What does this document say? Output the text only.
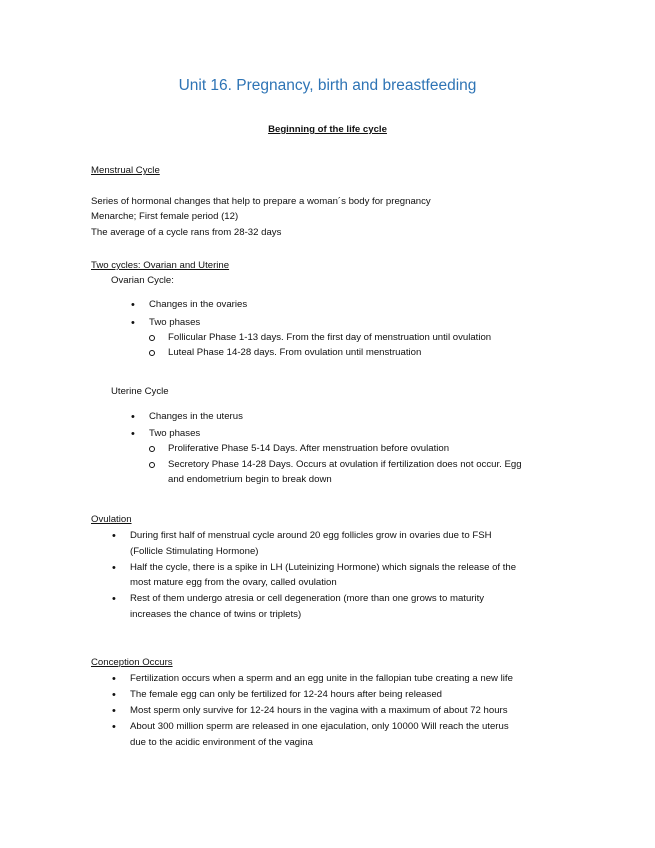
Unit 16. Pregnancy, birth and breastfeeding
Beginning of the life cycle
Menstrual Cycle
Series of hormonal changes that help to prepare a woman´s body for pregnancy
Menarche; First female period (12)
The average of a cycle rans from 28-32 days
Two cycles: Ovarian and Uterine
Ovarian Cycle:
• Changes in the ovaries
• Two phases
Follicular Phase 1-13 days. From the first day of menstruation until ovulation
Luteal Phase 14-28 days. From ovulation until menstruation
Uterine Cycle
• Changes in the uterus
• Two phases
Proliferative Phase 5-14 Days. After menstruation before ovulation
Secretory Phase 14-28 Days. Occurs at ovulation if fertilization does not occur. Egg
and endometrium begin to break down
Ovulation
• During first half of menstrual cycle around 20 egg follicles grow in ovaries due to FSH
(Follicle Stimulating Hormone)
• Half the cycle, there is a spike in LH (Luteinizing Hormone) which signals the release of the
most mature egg from the ovary, called ovulation
• Rest of them undergo atresia or cell degeneration (more than one grows to maturity
increases the chance of twins or triplets)
Conception Occurs
• Fertilization occurs when a sperm and an egg unite in the fallopian tube creating a new life
• The female egg can only be fertilized for 12-24 hours after being released
• Most sperm only survive for 12-24 hours in the vagina with a maximum of about 72 hours
• About 300 million sperm are released in one ejaculation, only 10000 Will reach the uterus
due to the acidic environment of the vagina
